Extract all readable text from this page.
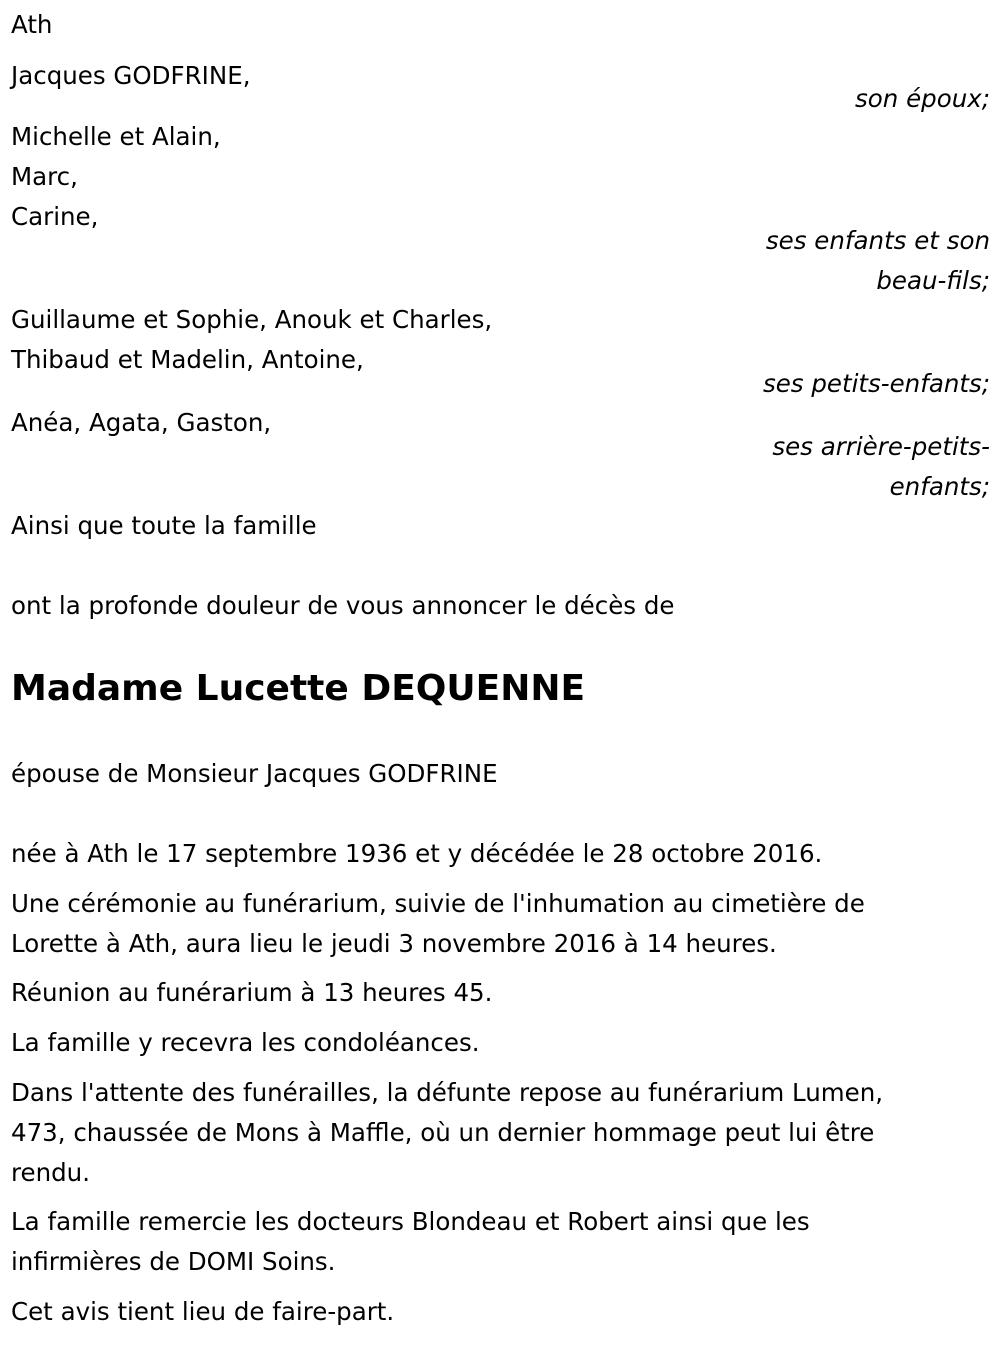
Ath
Jacques GODFRINE,
son époux;
Michelle et Alain,
Marc,
Carine,
ses enfants et son
beau-fils;
Guillaume et Sophie, Anouk et Charles,
Thibaud et Madelin, Antoine,
ses petits-enfants;
Anéa, Agata, Gaston,
ses arrière-petits-
enfants;
Ainsi que toute la famille
ont la profonde douleur de vous annoncer le décès de
Madame Lucette DEQUENNE
épouse de Monsieur Jacques GODFRINE
née à Ath le 17 septembre 1936 et y décédée le 28 octobre 2016.
Une cérémonie au funérarium, suivie de l'inhumation au cimetière de
Lorette à Ath, aura lieu le jeudi 3 novembre 2016 à 14 heures.
Réunion au funérarium à 13 heures 45.
La famille y recevra les condoléances.
Dans l'attente des funérailles, la défunte repose au funérarium Lumen,
473, chaussée de Mons à Maffle, où un dernier hommage peut lui être
rendu.
La famille remercie les docteurs Blondeau et Robert ainsi que les
infirmières de DOMI Soins.
Cet avis tient lieu de faire-part.
